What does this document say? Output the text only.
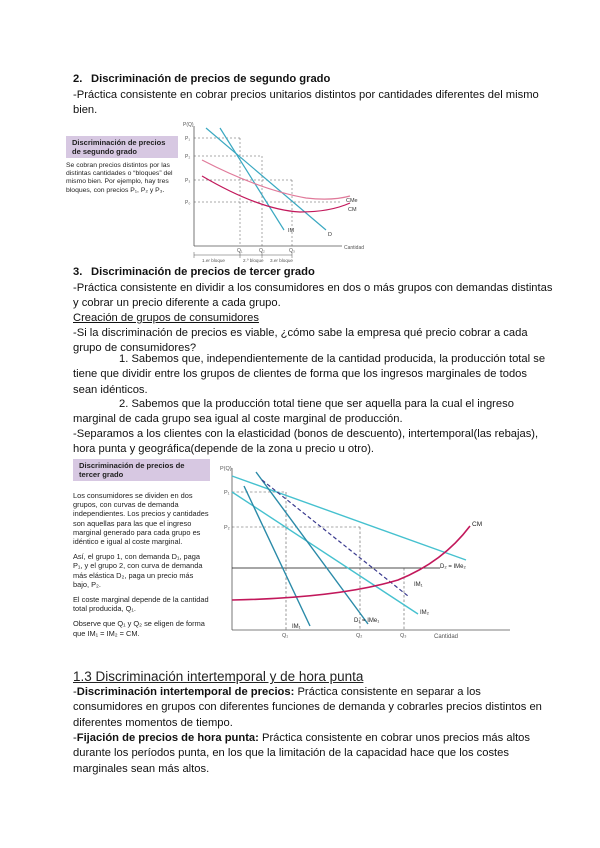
2. Discriminación de precios de segundo grado

-Práctica consistente en cobrar precios unitarios distintos por cantidades diferentes del mismo bien.

Discriminación de precios de segundo grado

Se cobran precios distintos por las distintas cantidades o “bloques” del mismo bien. Por ejemplo, hay tres bloques, con precios P₁, P₂ y P₃.

P(Q)
Cantidad
P₁
P₂
P₃
P₀
Q₁	Q₂	Q₃
CMe
CM
IM
D
1.er bloque	2.º bloque 3.er bloque

3. Discriminación de precios de tercer grado

-Práctica consistente en dividir a los consumidores en dos o más grupos con demandas distintas y cobrar un precio diferente a cada grupo.

Creación de grupos de consumidores

-Si la discriminación de precios es viable, ¿cómo sabe la empresa qué precio cobrar a cada grupo de consumidores?

1. Sabemos que, independientemente de la cantidad producida, la producción total se tiene que dividir entre los grupos de clientes de forma que los ingresos marginales de todos sean idénticos.

2. Sabemos que la producción total tiene que ser aquella para la cual el ingreso marginal de cada grupo sea igual al coste marginal de producción.

-Separamos a los clientes con la elasticidad (bonos de descuento), intertemporal(las rebajas), hora punta y geográfica(depende de la zona u precio u otro).

Discriminación de precios de tercer grado

Los consumidores se dividen en dos grupos, con curvas de demanda independientes. Los precios y cantidades son aquellas para las que el ingreso marginal generado para cada grupo es idéntico e igual al coste marginal.

Así, el grupo 1, con demanda D₁, paga P₁, y el grupo 2, con curva de demanda más elástica D₂, paga un precio más bajo, P₂.

El coste marginal depende de la cantidad total producida, Q₁.

Observe que Q₁ y Q₂ se eligen de forma que IM₁ = IM₂ = CM.

P(Q)
Cantidad
P₁
P₂
Q₁	Q₂	Q₃
CM
D₂ = IMe₂
IM₁
IM₂
D₁ = IMe₁
IM₁

1.3 Discriminación intertemporal y de hora punta

-Discriminación intertemporal de precios: Práctica consistente en separar a los consumidores en grupos con diferentes funciones de demanda y cobrarles precios distintos en diferentes momentos de tiempo.

-Fijación de precios de hora punta: Práctica consistente en cobrar unos precios más altos durante los períodos punta, en los que la limitación de la capacidad hace que los costes marginales sean más altos.
